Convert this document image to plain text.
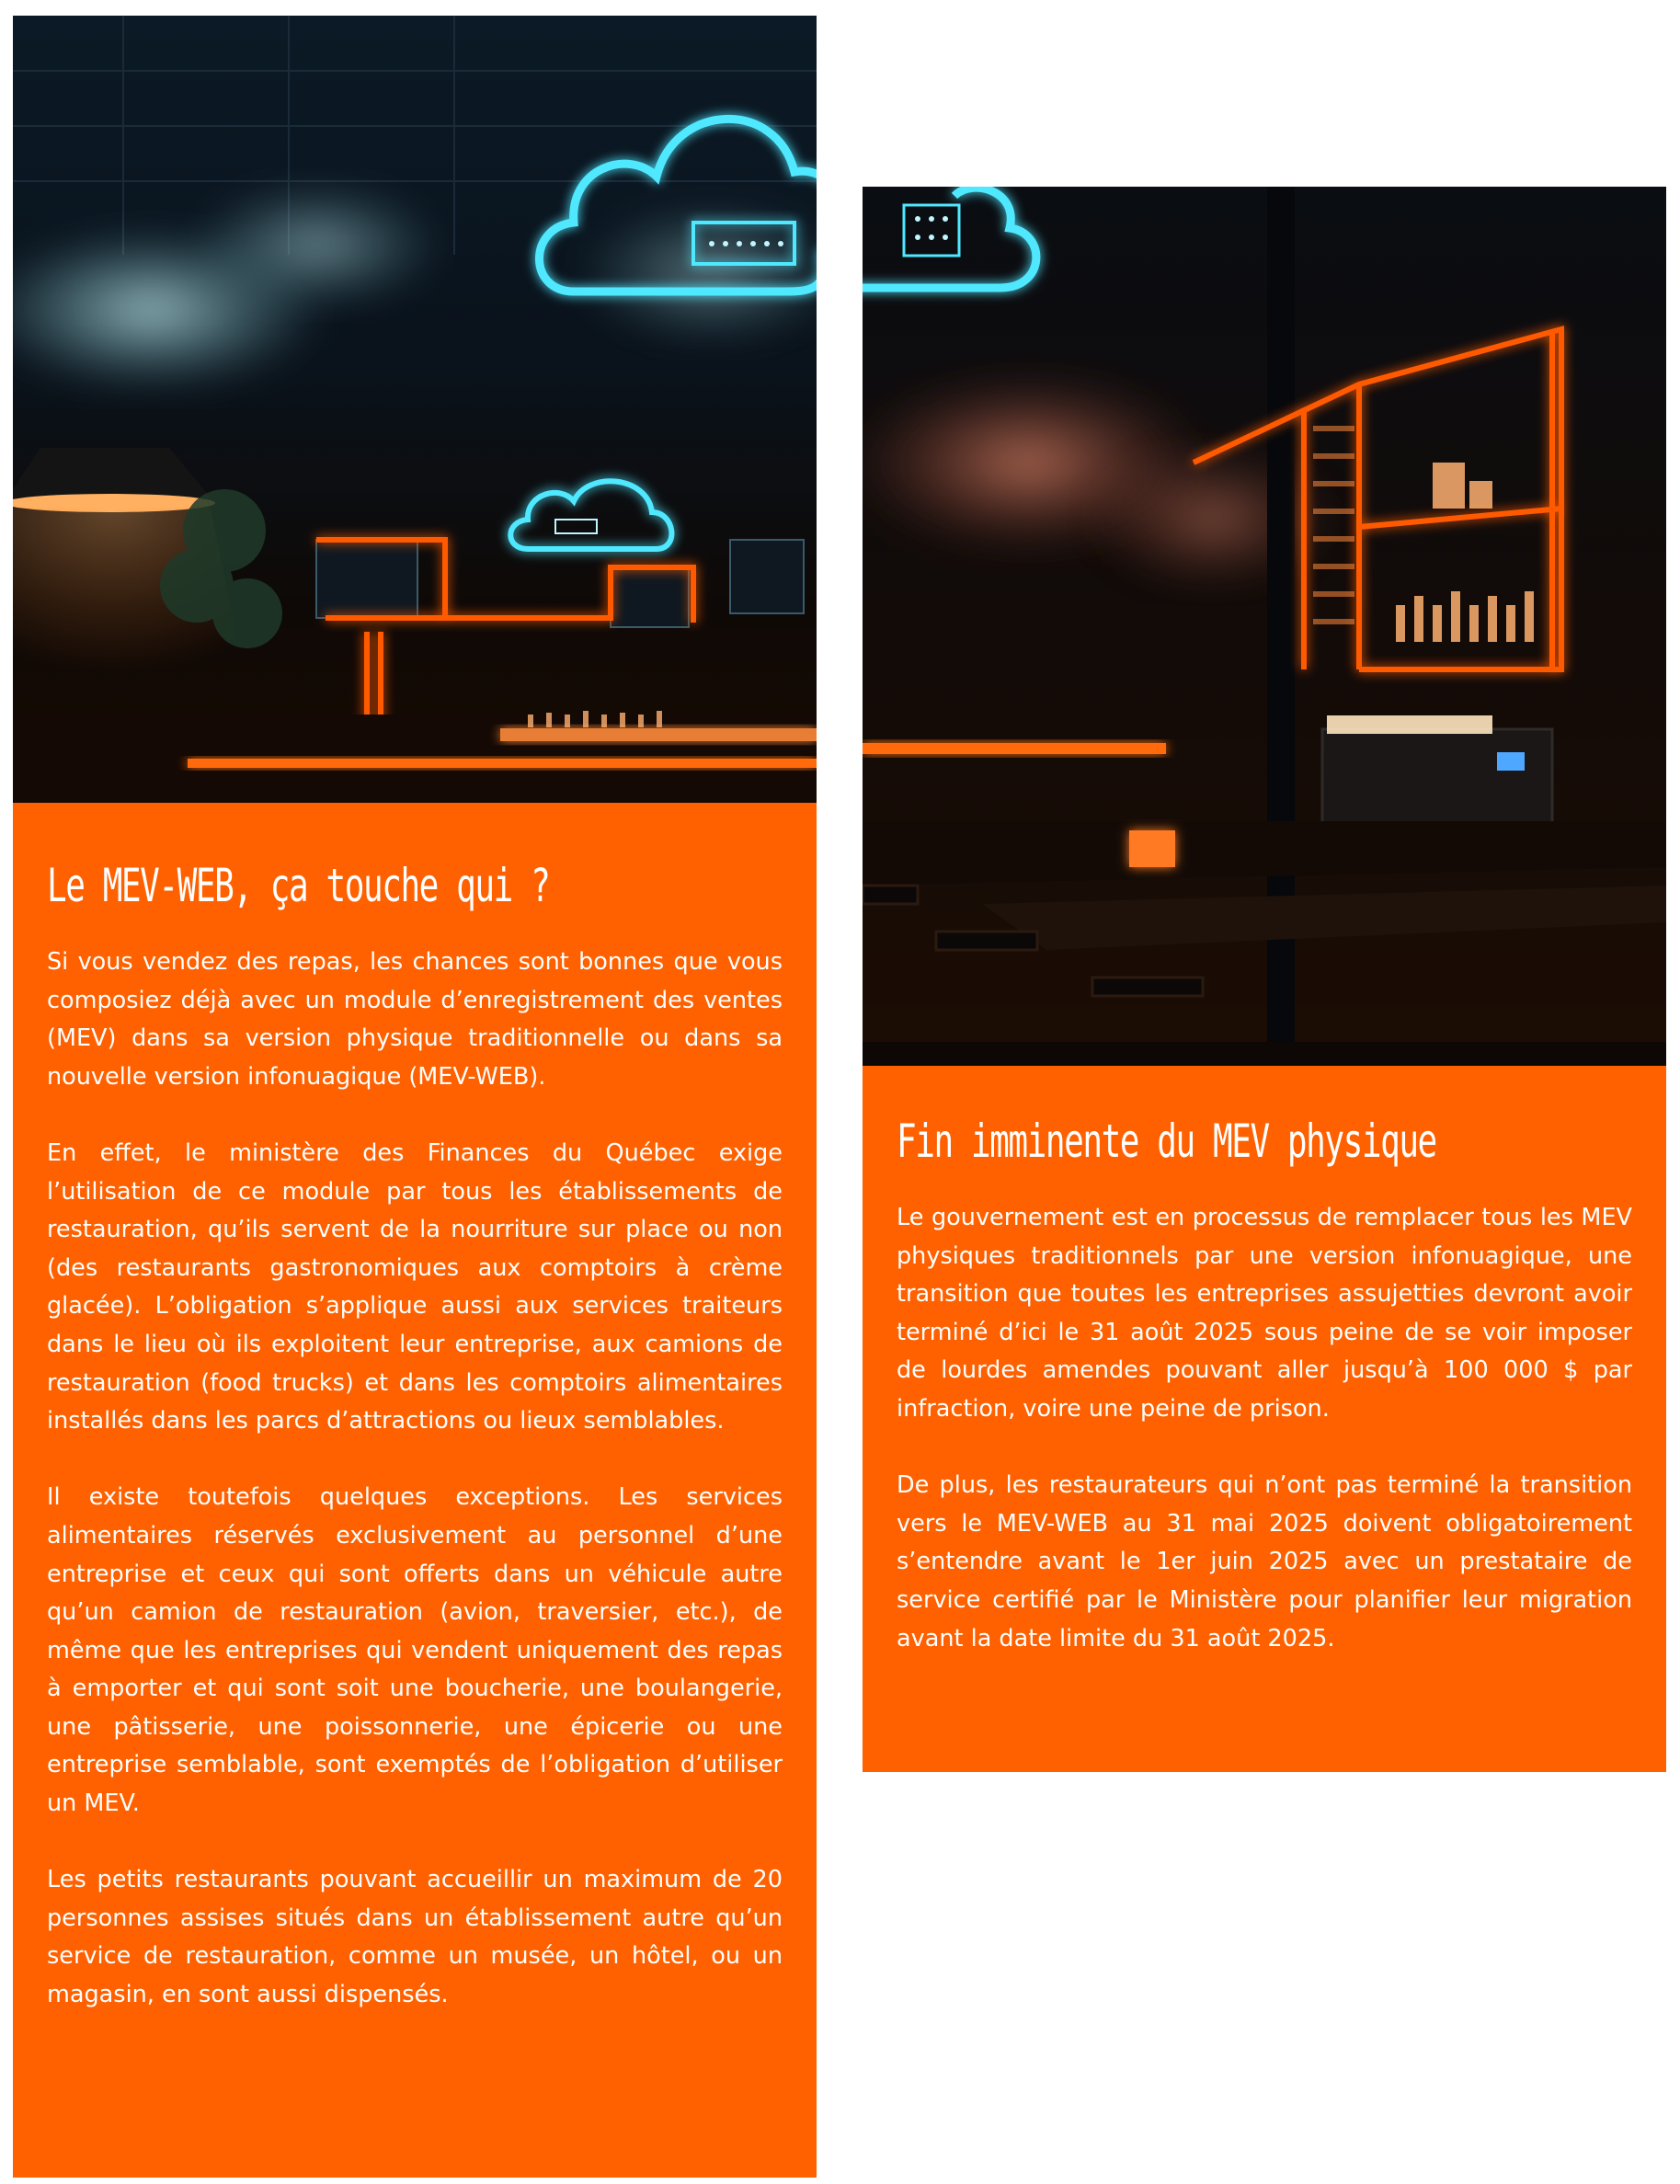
Le MEV-WEB, ça touche qui ?

Si vous vendez des repas, les chances sont bonnes que vous composiez déjà avec un module d’enregistrement des ventes (MEV) dans sa version physique traditionnelle ou dans sa nouvelle version infonuagique (MEV-WEB).

En effet, le ministère des Finances du Québec exige l’utilisation de ce module par tous les établissements de restauration, qu’ils servent de la nourriture sur place ou non (des restaurants gastronomiques aux comptoirs à crème glacée). L’obligation s’applique aussi aux services traiteurs dans le lieu où ils exploitent leur entreprise, aux camions de restauration (food trucks) et dans les comptoirs alimentaires installés dans les parcs d’attractions ou lieux semblables.

Il existe toutefois quelques exceptions. Les services alimentaires réservés exclusivement au personnel d’une entreprise et ceux qui sont offerts dans un véhicule autre qu’un camion de restauration (avion, traversier, etc.), de même que les entreprises qui vendent uniquement des repas à emporter et qui sont soit une boucherie, une boulangerie, une pâtisserie, une poissonnerie, une épicerie ou une entreprise semblable, sont exemptés de l’obligation d’utiliser un MEV.

Les petits restaurants pouvant accueillir un maximum de 20 personnes assises situés dans un établissement autre qu’un service de restauration, comme un musée, un hôtel, ou un magasin, en sont aussi dispensés.

Fin imminente du MEV physique

Le gouvernement est en processus de remplacer tous les MEV physiques traditionnels par une version infonuagique, une transition que toutes les entreprises assujetties devront avoir terminé d’ici le 31 août 2025 sous peine de se voir imposer de lourdes amendes pouvant aller jusqu’à 100 000 $ par infraction, voire une peine de prison.

De plus, les restaurateurs qui n’ont pas terminé la transition vers le MEV-WEB au 31 mai 2025 doivent obligatoirement s’entendre avant le 1er juin 2025 avec un prestataire de service certifié par le Ministère pour planifier leur migration avant la date limite du 31 août 2025.
